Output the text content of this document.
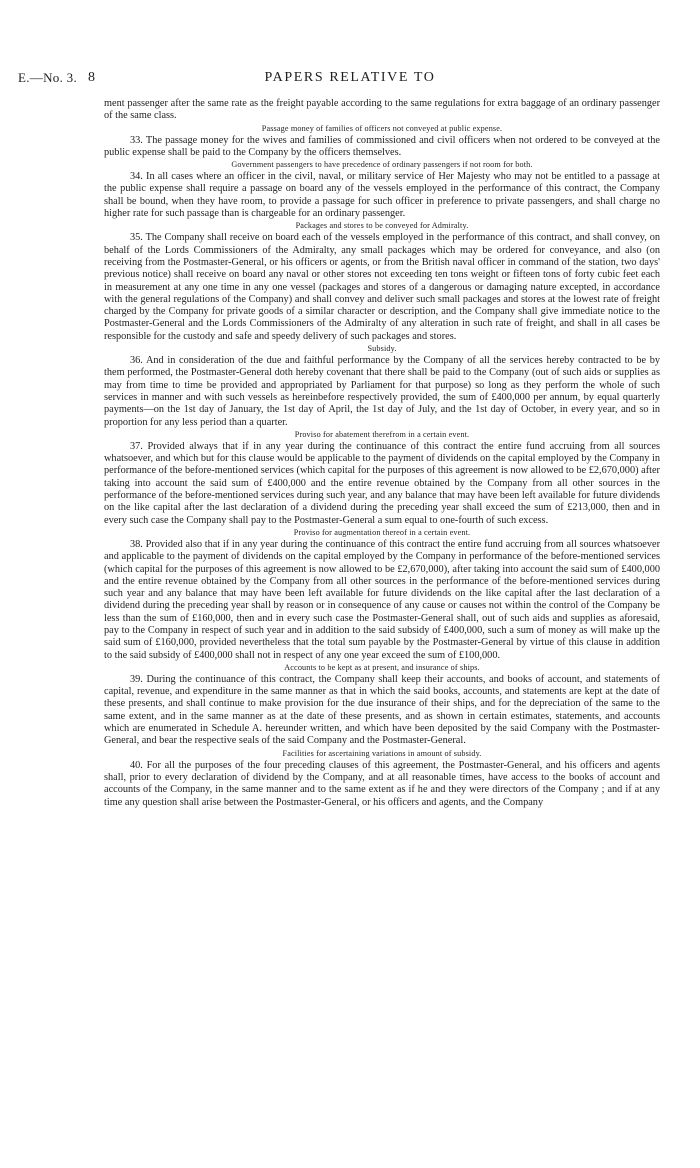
E.—No. 3. 8	PAPERS RELATIVE TO

ment passenger after the same rate as the freight payable according to the same regulations for extra baggage of an ordinary passenger of the same class.

Passage money of families of officers not conveyed at public expense.

33. The passage money for the wives and families of commissioned and civil officers when not ordered to be conveyed at the public expense shall be paid to the Company by the officers themselves.

Government passengers to have precedence of ordinary passengers if not room for both.

34. In all cases where an officer in the civil, naval, or military service of Her Majesty who may not be entitled to a passage at the public expense shall require a passage on board any of the vessels employed in the performance of this contract, the Company shall be bound, when they have room, to provide a passage for such officer in preference to private passengers, and shall charge no higher rate for such passage than is chargeable for an ordinary passenger.

Packages and stores to be conveyed for Admiralty.

35. The Company shall receive on board each of the vessels employed in the performance of this contract, and shall convey, on behalf of the Lords Commissioners of the Admiralty, any small packages which may be ordered for conveyance, and also (on receiving from the Postmaster-General, or his officers or agents, or from the British naval officer in command of the station, two days' previous notice) shall receive on board any naval or other stores not exceeding ten tons weight or fifteen tons of forty cubic feet each in measurement at any one time in any one vessel (packages and stores of a dangerous or damaging nature excepted, in accordance with the general regulations of the Company) and shall convey and deliver such small packages and stores at the lowest rate of freight charged by the Company for private goods of a similar character or description, and the Company shall give immediate notice to the Postmaster-General and the Lords Commissioners of the Admiralty of any alteration in such rate of freight, and shall in all cases be responsible for the custody and safe and speedy delivery of such packages and stores.

Subsidy.

36. And in consideration of the due and faithful performance by the Company of all the services hereby contracted to be by them performed, the Postmaster-General doth hereby covenant that there shall be paid to the Company (out of such aids or supplies as may from time to time be provided and appropriated by Parliament for that purpose) so long as they perform the whole of such services in manner and with such vessels as hereinbefore respectively provided, the sum of £400,000 per annum, by equal quarterly payments—on the 1st day of January, the 1st day of April, the 1st day of July, and the 1st day of October, in every year, and so in proportion for any less period than a quarter.

Proviso for abatement therefrom in a certain event.

37. Provided always that if in any year during the continuance of this contract the entire fund accruing from all sources whatsoever, and which but for this clause would be applicable to the payment of dividends on the capital employed by the Company in performance of the before-mentioned services (which capital for the purposes of this agreement is now allowed to be £2,670,000) after taking into account the said sum of £400,000 and the entire revenue obtained by the Company from all other sources in the performance of the before-mentioned services during such year, and any balance that may have been left available for future dividends on the like capital after the last declaration of a dividend during the preceding year shall exceed the sum of £213,000, then and in every such case the Company shall pay to the Postmaster-General a sum equal to one-fourth of such excess.

Proviso for augmentation thereof in a certain event.

38. Provided also that if in any year during the continuance of this contract the entire fund accruing from all sources whatsoever and applicable to the payment of dividends on the capital employed by the Company in performance of the before-mentioned services (which capital for the purposes of this agreement is now allowed to be £2,670,000), after taking into account the said sum of £400,000 and the entire revenue obtained by the Company from all other sources in the performance of the before-mentioned services during such year and any balance that may have been left available for future dividends on the like capital after the last declaration of a dividend during the preceding year shall by reason or in consequence of any cause or causes not within the control of the Company be less than the sum of £160,000, then and in every such case the Postmaster-General shall, out of such aids and supplies as aforesaid, pay to the Company in respect of such year and in addition to the said subsidy of £400,000, such a sum of money as will make up the said sum of £160,000, provided nevertheless that the total sum payable by the Postmaster-General by virtue of this clause in addition to the said subsidy of £400,000 shall not in respect of any one year exceed the sum of £100,000.

Accounts to be kept as at present, and insurance of ships.

39. During the continuance of this contract, the Company shall keep their accounts, and books of account, and statements of capital, revenue, and expenditure in the same manner as that in which the said books, accounts, and statements are kept at the date of these presents, and shall continue to make provision for the due insurance of their ships, and for the depreciation of the same to the same extent, and in the same manner as at the date of these presents, and as shown in certain estimates, statements, and accounts which are enumerated in Schedule A. hereunder written, and which have been deposited by the said Company with the Postmaster-General, and bear the respective seals of the said Company and the Postmaster-General.

Facilities for ascertaining variations in amount of subsidy.

40. For all the purposes of the four preceding clauses of this agreement, the Postmaster-General, and his officers and agents shall, prior to every declaration of dividend by the Company, and at all reasonable times, have access to the books of account and accounts of the Company, in the same manner and to the same extent as if he and they were directors of the Company ; and if at any time any question shall arise between the Postmaster-General, or his officers and agents, and the Company
